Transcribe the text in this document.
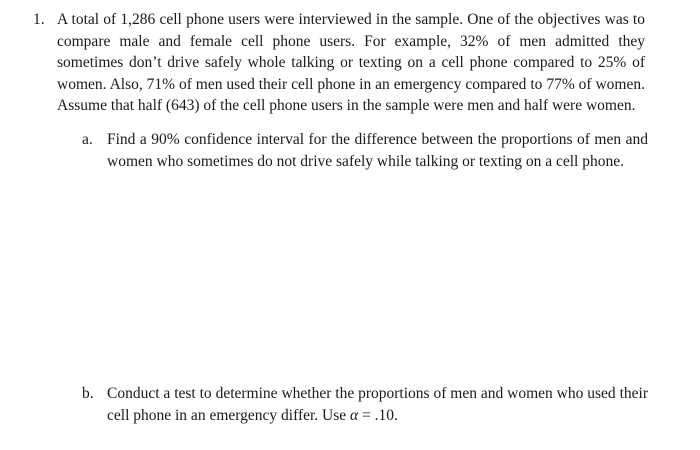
1. A total of 1,286 cell phone users were interviewed in the sample. One of the objectives was to compare male and female cell phone users. For example, 32% of men admitted they sometimes don’t drive safely whole talking or texting on a cell phone compared to 25% of women. Also, 71% of men used their cell phone in an emergency compared to 77% of women. Assume that half (643) of the cell phone users in the sample were men and half were women.
a. Find a 90% confidence interval for the difference between the proportions of men and women who sometimes do not drive safely while talking or texting on a cell phone.
b. Conduct a test to determine whether the proportions of men and women who used their cell phone in an emergency differ. Use α = .10.
